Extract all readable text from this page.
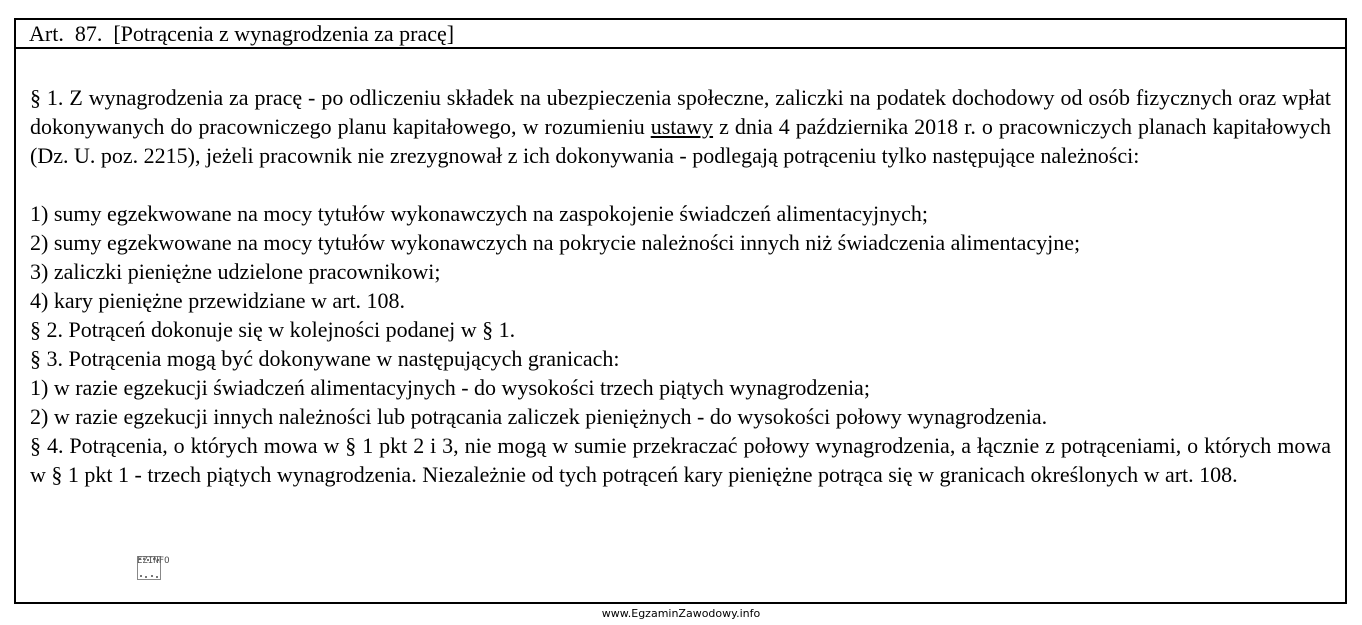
Art.  87.  [Potrącenia z wynagrodzenia za pracę]

§ 1. Z wynagrodzenia za pracę - po odliczeniu składek na ubezpieczenia społeczne, zaliczki na podatek dochodowy od osób fizycznych oraz wpłat dokonywanych do pracowniczego planu kapitałowego, w rozumieniu ustawy z dnia 4 października 2018 r. o pracowniczych planach kapitałowych (Dz. U. poz. 2215), jeżeli pracownik nie zrezygnował z ich dokonywania - podlegają potrąceniu tylko następujące należności:

1) sumy egzekwowane na mocy tytułów wykonawczych na zaspokojenie świadczeń alimentacyjnych;

2) sumy egzekwowane na mocy tytułów wykonawczych na pokrycie należności innych niż świadczenia alimentacyjne;

3) zaliczki pieniężne udzielone pracownikowi;

4) kary pieniężne przewidziane w art. 108.

§ 2. Potrąceń dokonuje się w kolejności podanej w § 1.

§ 3. Potrącenia mogą być dokonywane w następujących granicach:

1) w razie egzekucji świadczeń alimentacyjnych - do wysokości trzech piątych wynagrodzenia;

2) w razie egzekucji innych należności lub potrącania zaliczek pieniężnych - do wysokości połowy wynagrodzenia.

§ 4. Potrącenia, o których mowa w § 1 pkt 2 i 3, nie mogą w sumie przekraczać połowy wynagrodzenia, a łącznie z potrąceniami, o których mowa w § 1 pkt 1 - trzech piątych wynagrodzenia. Niezależnie od tych potrąceń kary pieniężne potrąca się w granicach określonych w art. 108.

EZINFO
www.EgzaminZawodowy.info
